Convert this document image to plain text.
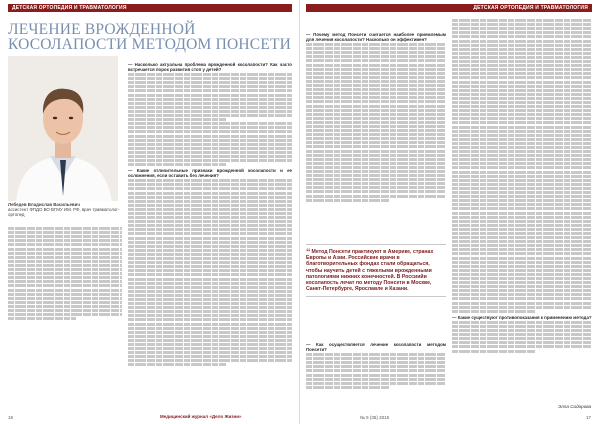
ДЕТСКАЯ ОРТОПЕДИЯ И ТРАВМАТОЛОГИЯ
ЛЕЧЕНИЕ ВРОЖДЕННОЙ КОСОЛАПОСТИ МЕТОДОМ ПОНСЕТИ
Лебедев Владислав Васильевич
ассистент ФПДО ВО ВГМУ ИМ. РФ, врач травматолог-ортопед
— Насколько актуальна проблема врожденной косолапости? Как часто встречается порок развития стоп у детей?
— Какие отличительные признаки врожденной косолапости и ее осложнения, если оставить без лечения?
16
ДЕТСКАЯ ОРТОПЕДИЯ И ТРАВМАТОЛОГИЯ
— Почему метод Понсети считается наиболее приемлемым для лечения косолапости? Насколько он эффективен?
— Какие существуют противопоказания к применению метода?
— Как осуществляется лечение косолапости методом Понсети?
Элла Сидорова
17
“Метод Понсети практикуют в Америке, странах Европы и Азии. Российские врачи в благотворительных фондах стали обращаться, чтобы научить детей с тяжелыми врожденными патологиями нижних конечностей. В Россиийи косолапость лечат по методу Понсети в Москве, Санкт-Петербурге, Ярославле и Казани.
Медицинский журнал «Дело Жизни»	№ 5 (35) 2015
